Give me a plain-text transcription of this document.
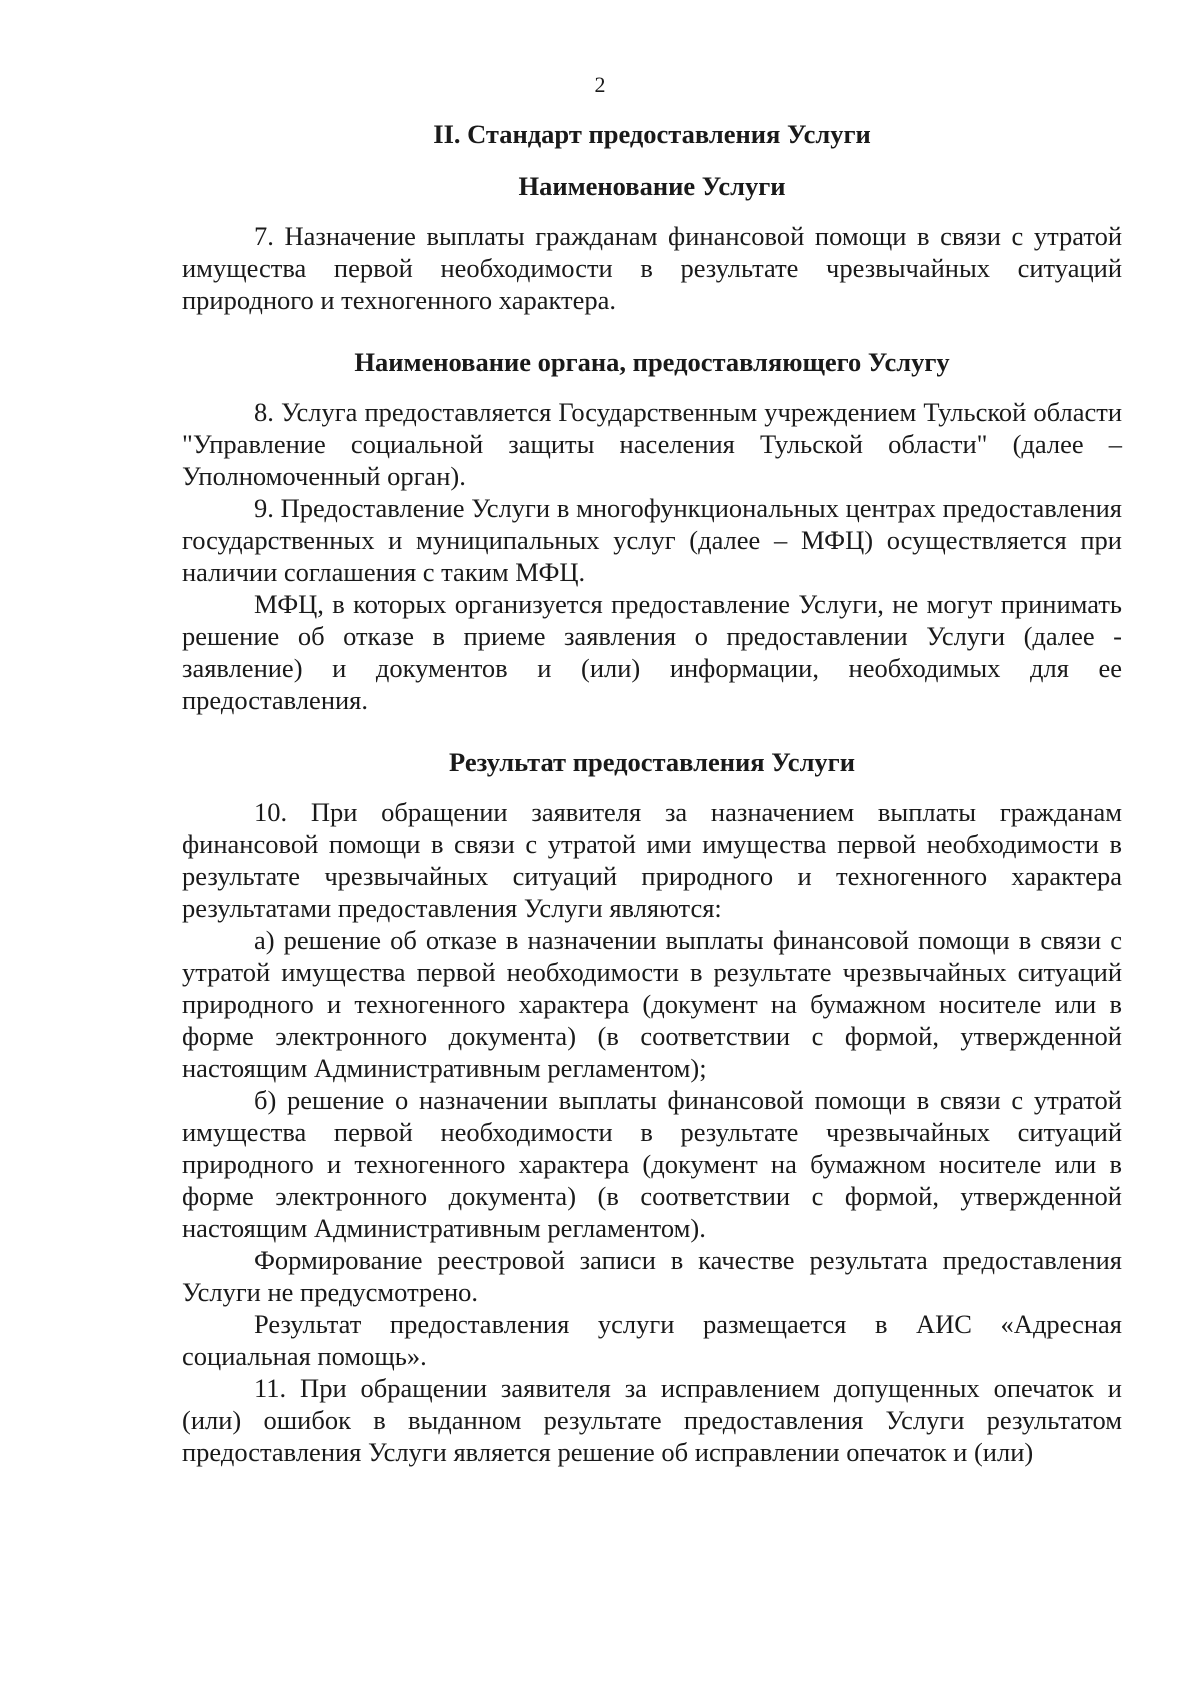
2

II. Стандарт предоставления Услуги

Наименование Услуги

7. Назначение выплаты гражданам финансовой помощи в связи с утратой имущества первой необходимости в результате чрезвычайных ситуаций природного и техногенного характера.

Наименование органа, предоставляющего Услугу

8. Услуга предоставляется Государственным учреждением Тульской области "Управление социальной защиты населения Тульской области" (далее – Уполномоченный орган).

9. Предоставление Услуги в многофункциональных центрах предоставления государственных и муниципальных услуг (далее – МФЦ) осуществляется при наличии соглашения с таким МФЦ.

МФЦ, в которых организуется предоставление Услуги, не могут принимать решение об отказе в приеме заявления о предоставлении Услуги (далее - заявление) и документов и (или) информации, необходимых для ее предоставления.

Результат предоставления Услуги

10. При обращении заявителя за назначением выплаты гражданам финансовой помощи в связи с утратой ими имущества первой необходимости в результате чрезвычайных ситуаций природного и техногенного характера результатами предоставления Услуги являются:

а) решение об отказе в назначении выплаты финансовой помощи в связи с утратой имущества первой необходимости в результате чрезвычайных ситуаций природного и техногенного характера (документ на бумажном носителе или в форме электронного документа) (в соответствии с формой, утвержденной настоящим Административным регламентом);

б) решение о назначении выплаты финансовой помощи в связи с утратой имущества первой необходимости в результате чрезвычайных ситуаций природного и техногенного характера (документ на бумажном носителе или в форме электронного документа) (в соответствии с формой, утвержденной настоящим Административным регламентом).

Формирование реестровой записи в качестве результата предоставления Услуги не предусмотрено.

Результат предоставления услуги размещается в АИС «Адресная социальная помощь».

11. При обращении заявителя за исправлением допущенных опечаток и (или) ошибок в выданном результате предоставления Услуги результатом предоставления Услуги является решение об исправлении опечаток и (или)
